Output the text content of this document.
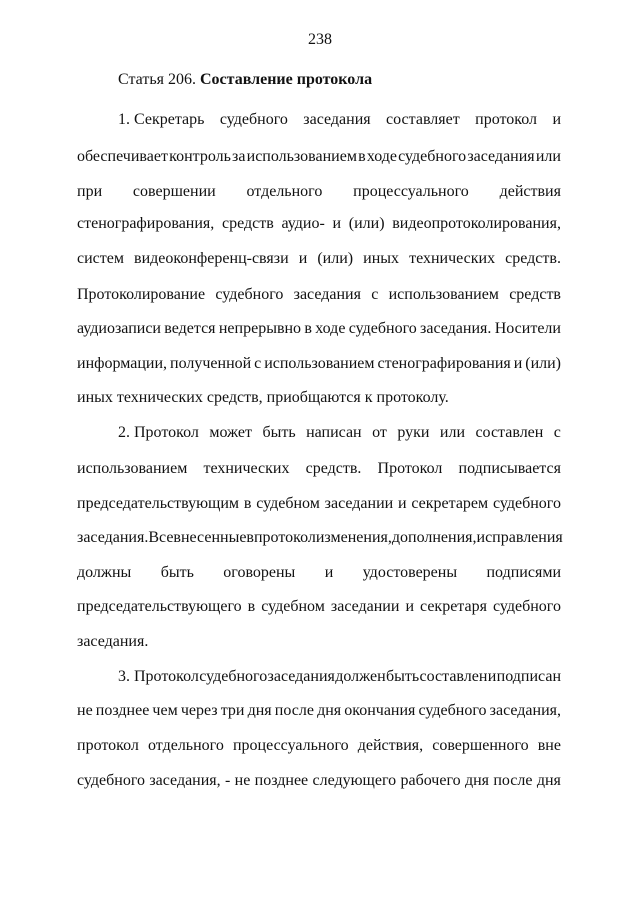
238
Статья 206. Составление протокола
1. Секретарь судебного заседания составляет протокол и
обеспечивает контроль за использованием в ходе судебного заседания или
при совершении отдельного процессуального действия
стенографирования, средств аудио- и (или) видеопротоколирования,
систем видеоконференц-связи и (или) иных технических средств.
Протоколирование судебного заседания с использованием средств
аудиозаписи ведется непрерывно в ходе судебного заседания. Носители
информации, полученной с использованием стенографирования и (или)
иных технических средств, приобщаются к протоколу.
2. Протокол может быть написан от руки или составлен с
использованием технических средств. Протокол подписывается
председательствующим в судебном заседании и секретарем судебного
заседания. Все внесенные в протокол изменения, дополнения, исправления
должны быть оговорены и удостоверены подписями
председательствующего в судебном заседании и секретаря судебного
заседания.
3. Протокол судебного заседания должен быть составлен и подписан
не позднее чем через три дня после дня окончания судебного заседания,
протокол отдельного процессуального действия, совершенного вне
судебного заседания, - не позднее следующего рабочего дня после дня
